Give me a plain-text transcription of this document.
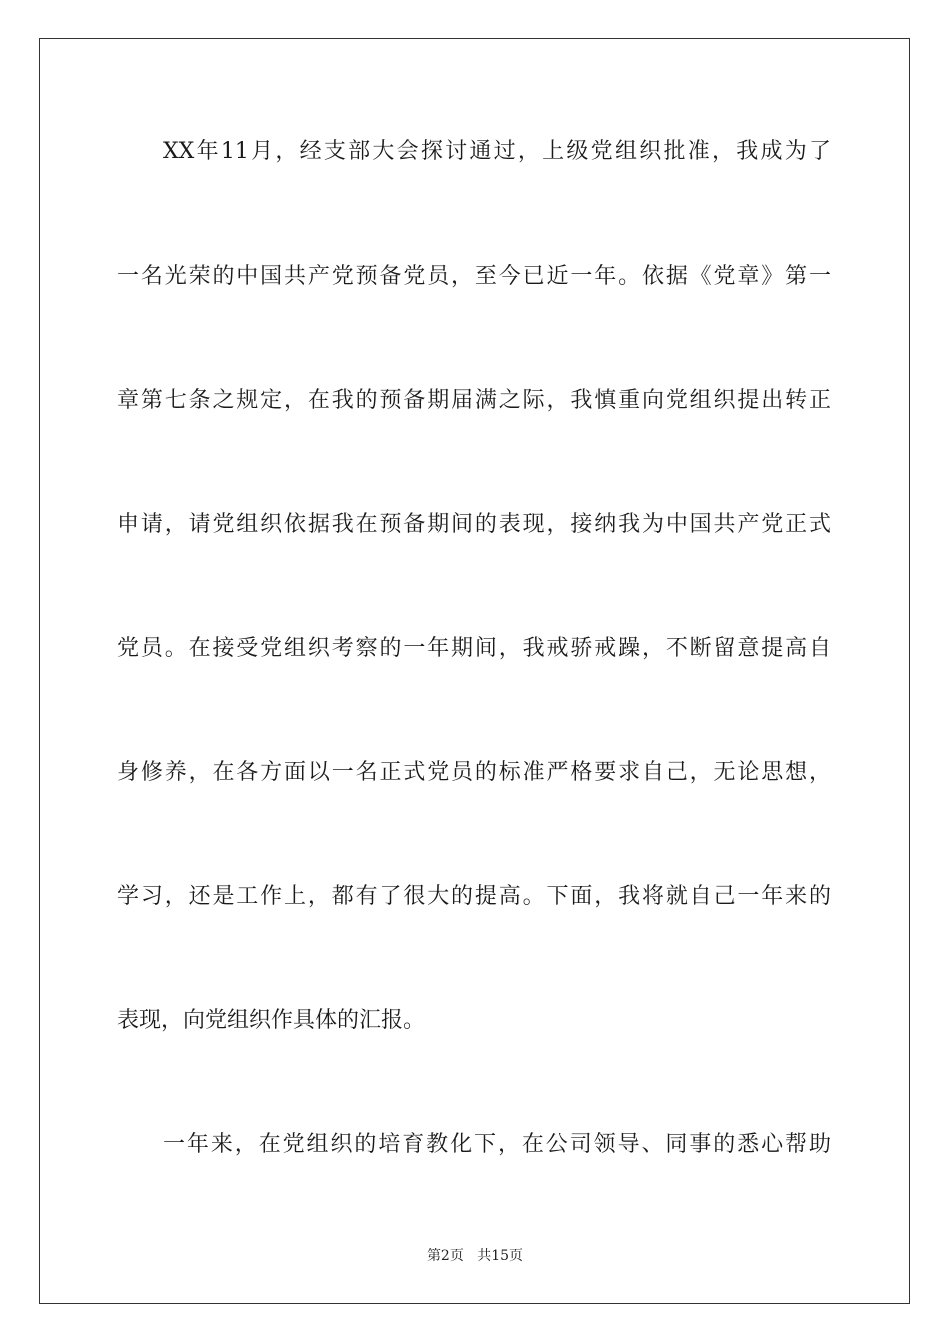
XX年11月，经支部大会探讨通过，上级党组织批准，我成为了
一名光荣的中国共产党预备党员，至今已近一年。依据《党章》第一
章第七条之规定，在我的预备期届满之际，我慎重向党组织提出转正
申请，请党组织依据我在预备期间的表现，接纳我为中国共产党正式
党员。在接受党组织考察的一年期间，我戒骄戒躁，不断留意提高自
身修养，在各方面以一名正式党员的标准严格要求自己，无论思想，
学习，还是工作上，都有了很大的提高。下面，我将就自己一年来的
表现，向党组织作具体的汇报。
一年来，在党组织的培育教化下，在公司领导、同事的悉心帮助
第2页 共15页
